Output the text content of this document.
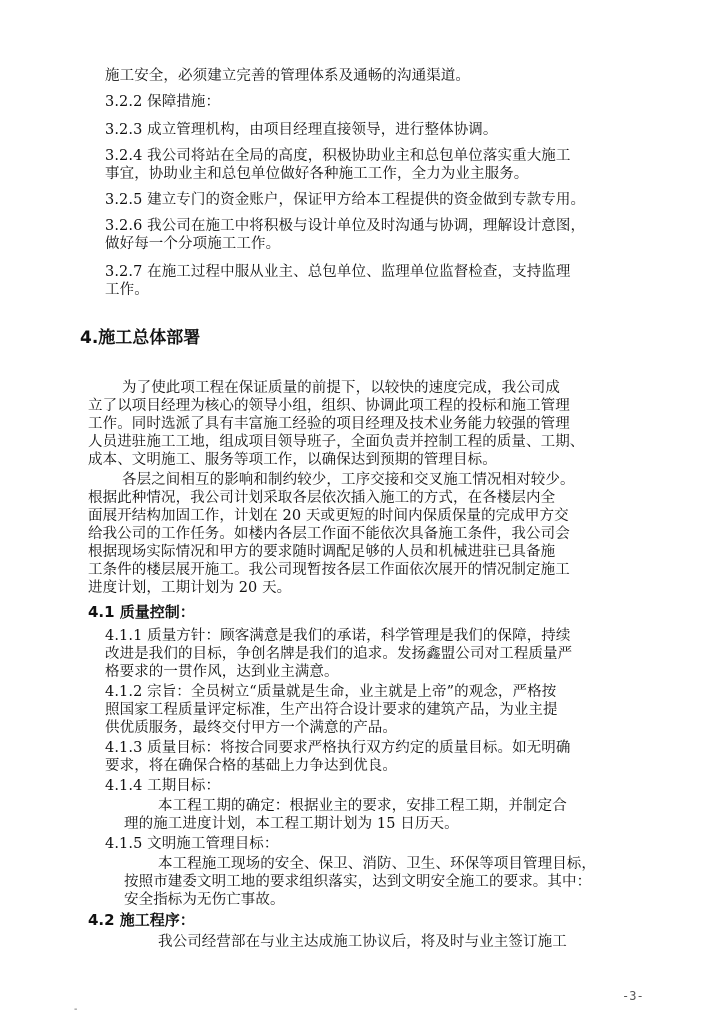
施工安全，必须建立完善的管理体系及通畅的沟通渠道。

3.2.2 保障措施：

3.2.3 成立管理机构，由项目经理直接领导，进行整体协调。

3.2.4 我公司将站在全局的高度，积极协助业主和总包单位落实重大施工

事宜，协助业主和总包单位做好各种施工工作，全力为业主服务。

3.2.5 建立专门的资金账户，保证甲方给本工程提供的资金做到专款专用。

3.2.6 我公司在施工中将积极与设计单位及时沟通与协调，理解设计意图，

做好每一个分项施工工作。

3.2.7 在施工过程中服从业主、总包单位、监理单位监督检查，支持监理

工作。

4.施工总体部署

为了使此项工程在保证质量的前提下，以较快的速度完成，我公司成

立了以项目经理为核心的领导小组，组织、协调此项工程的投标和施工管理

工作。同时选派了具有丰富施工经验的项目经理及技术业务能力较强的管理

人员进驻施工工地，组成项目领导班子，全面负责并控制工程的质量、工期、

成本、文明施工、服务等项工作，以确保达到预期的管理目标。

各层之间相互的影响和制约较少，工序交接和交叉施工情况相对较少。

根据此种情况，我公司计划采取各层依次插入施工的方式，在各楼层内全

面展开结构加固工作，计划在 20 天或更短的时间内保质保量的完成甲方交

给我公司的工作任务。如楼内各层工作面不能依次具备施工条件，我公司会

根据现场实际情况和甲方的要求随时调配足够的人员和机械进驻已具备施

工条件的楼层展开施工。我公司现暂按各层工作面依次展开的情况制定施工

进度计划，工期计划为 20 天。

4.1 质量控制：

4.1.1 质量方针：顾客满意是我们的承诺，科学管理是我们的保障，持续

改进是我们的目标，争创名牌是我们的追求。发扬鑫盟公司对工程质量严

格要求的一贯作风，达到业主满意。

4.1.2 宗旨：全员树立“质量就是生命，业主就是上帝”的观念，严格按

照国家工程质量评定标准，生产出符合设计要求的建筑产品，为业主提

供优质服务，最终交付甲方一个满意的产品。

4.1.3 质量目标：将按合同要求严格执行双方约定的质量目标。如无明确

要求，将在确保合格的基础上力争达到优良。

4.1.4 工期目标：

本工程工期的确定：根据业主的要求，安排工程工期，并制定合

理的施工进度计划，本工程工期计划为 15 日历天。

4.1.5 文明施工管理目标：

本工程施工现场的安全、保卫、消防、卫生、环保等项目管理目标，

按照市建委文明工地的要求组织落实，达到文明安全施工的要求。其中：

安全指标为无伤亡事故。

4.2 施工程序：

我公司经营部在与业主达成施工协议后，将及时与业主签订施工

-3-
-
